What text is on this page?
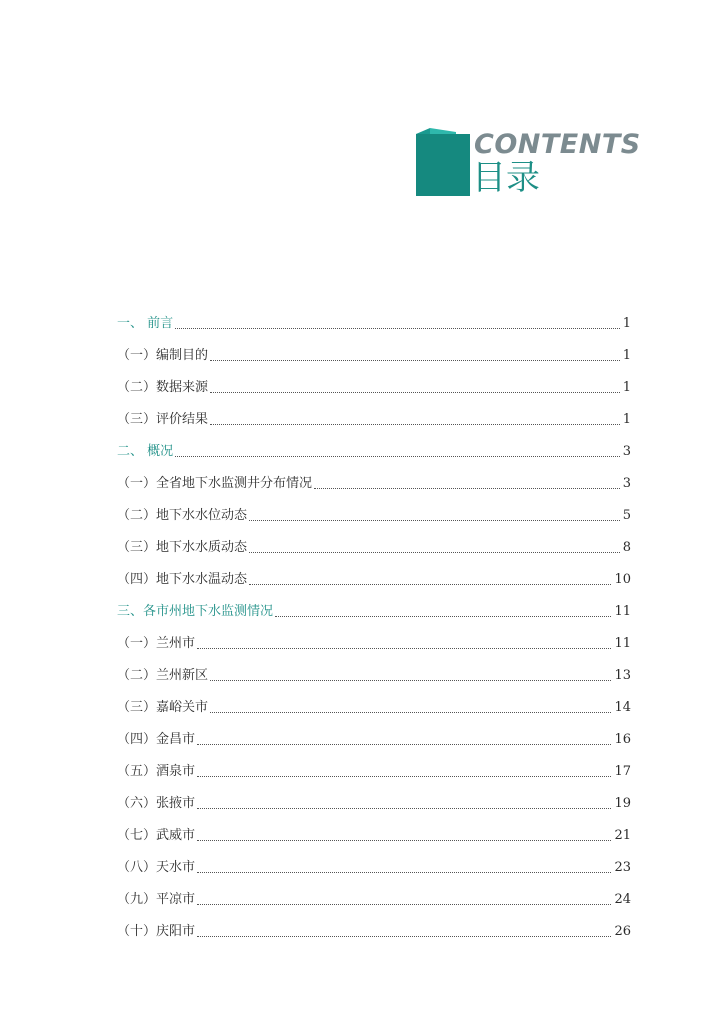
CONTENTS
目录
一、 前言	1
（一）编制目的	1
（二）数据来源	1
（三）评价结果	1
二、 概况	3
（一）全省地下水监测井分布情况	3
（二）地下水水位动态	5
（三）地下水水质动态	8
（四）地下水水温动态	10
三、各市州地下水监测情况	11
（一）兰州市	11
（二）兰州新区	13
（三）嘉峪关市	14
（四）金昌市	16
（五）酒泉市	17
（六）张掖市	19
（七）武威市	21
（八）天水市	23
（九）平凉市	24
（十）庆阳市	26
